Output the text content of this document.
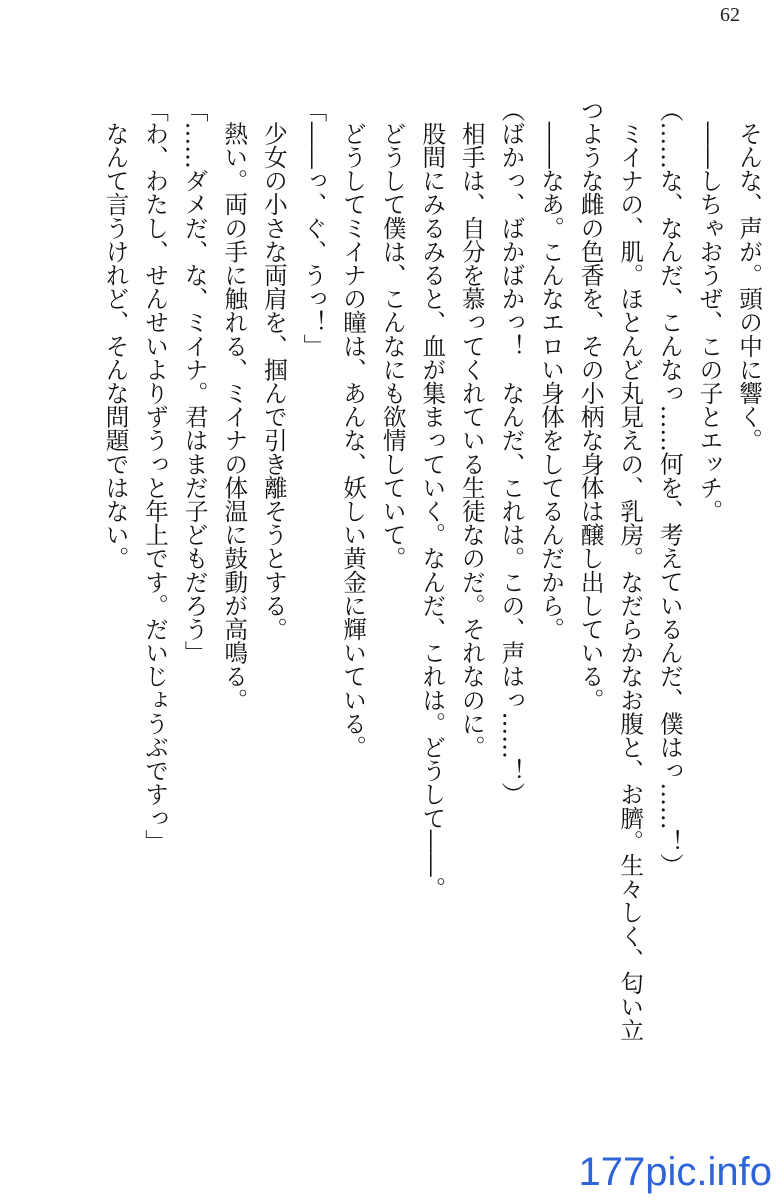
62

　そんな、声が。頭の中に響く。

　――しちゃおうぜ、この子とエッチ。

（……な、なんだ、こんなっ……何を、考えているんだ、僕はっ……！）

　ミイナの、肌。ほとんど丸見えの、乳房。なだらかなお腹と、お臍。生々しく、匂い立

つような雌の色香を、その小柄な身体は醸し出している。

　――なあ。こんなエロい身体をしてるんだから。

（ばかっ、ばかばかっ！　なんだ、これは。この、声はっ……！）

　相手は、自分を慕ってくれている生徒なのだ。それなのに。

　股間にみるみると、血が集まっていく。なんだ、これは。どうして――。

　どうして僕は、こんなにも欲情していて。

　どうしてミイナの瞳は、あんな、妖しい黄金に輝いている。

「――っ、ぐ、うっ！」

　少女の小さな両肩を、掴んで引き離そうとする。

　熱い。両の手に触れる、ミイナの体温に鼓動が高鳴る。

「……ダメだ、な、ミイナ。君はまだ子どもだろう」

「わ、わたし、せんせいよりずうっと年上です。だいじょうぶですっ」

　なんて言うけれど、そんな問題ではない。

177pic.info
